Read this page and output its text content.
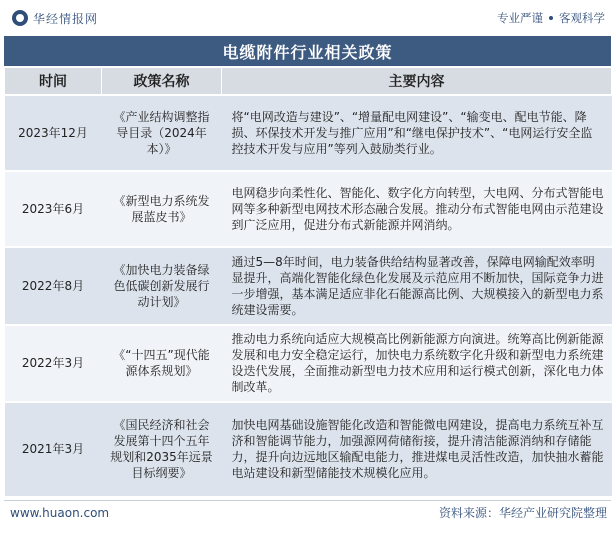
华经情报网	专业严谨 客观科学
电缆附件行业相关政策
时间	政策名称	主要内容
2023年12月	《产业结构调整指导目录（2024年本）》	将“电网改造与建设”、“增量配电网建设”、“输变电、配电节能、降损、环保技术开发与推广应用”和“继电保护技术”、“电网运行安全监控技术开发与应用”等列入鼓励类行业。
2023年6月	《新型电力系统发展蓝皮书》	电网稳步向柔性化、智能化、数字化方向转型，大电网、分布式智能电网等多种新型电网技术形态融合发展。推动分布式智能电网由示范建设到广泛应用，促进分布式新能源并网消纳。
2022年8月	《加快电力装备绿色低碳创新发展行动计划》	通过5—8年时间，电力装备供给结构显著改善，保障电网输配效率明显提升，高端化智能化绿色化发展及示范应用不断加快，国际竞争力进一步增强，基本满足适应非化石能源高比例、大规模接入的新型电力系统建设需要。
2022年3月	《“十四五”现代能源体系规划》	推动电力系统向适应大规模高比例新能源方向演进。统筹高比例新能源发展和电力安全稳定运行，加快电力系统数字化升级和新型电力系统建设迭代发展，全面推动新型电力技术应用和运行模式创新，深化电力体制改革。
2021年3月	《国民经济和社会发展第十四个五年规划和2035年远景目标纲要》	加快电网基础设施智能化改造和智能微电网建设，提高电力系统互补互济和智能调节能力，加强源网荷储衔接，提升清洁能源消纳和存储能力，提升向边远地区输配电能力，推进煤电灵活性改造，加快抽水蓄能电站建设和新型储能技术规模化应用。
www.huaon.com	资料来源：华经产业研究院整理
